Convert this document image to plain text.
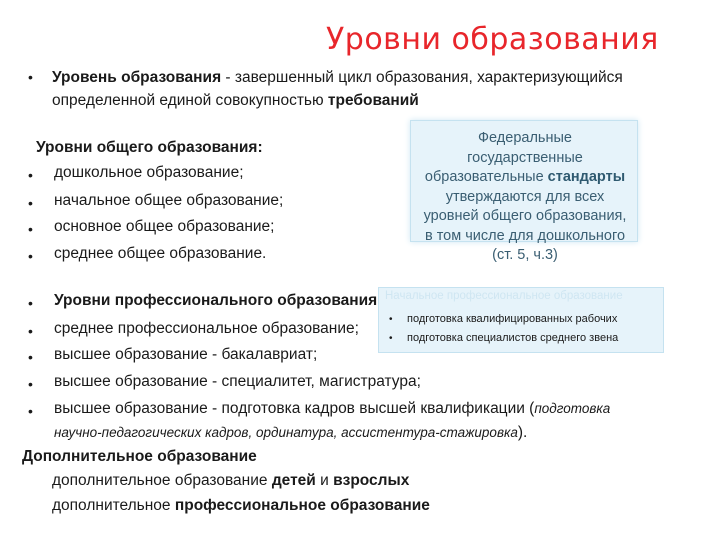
Уровни образования
• Уровень образования - завершенный цикл образования, характеризующийся определенной единой совокупностью требований
Уровни общего образования:
• дошкольное образование;
• начальное общее образование;
• основное общее образование;
• среднее общее образование.
Федеральные государственные образовательные стандарты утверждаются для всех уровней общего образования, в том числе для дошкольного (ст. 5, ч.3)
• Уровни профессионального образования
• среднее профессиональное образование;
• высшее образование - бакалавриат;
• высшее образование - специалитет, магистратура;
• высшее образование - подготовка кадров высшей квалификации (подготовка
научно-педагогических кадров, ординатура, ассистентура-стажировка).
Начальное профессиональное образование
• подготовка квалифицированных рабочих
• подготовка специалистов среднего звена
Дополнительное образование
дополнительное образование детей и взрослых
дополнительное профессиональное образование
